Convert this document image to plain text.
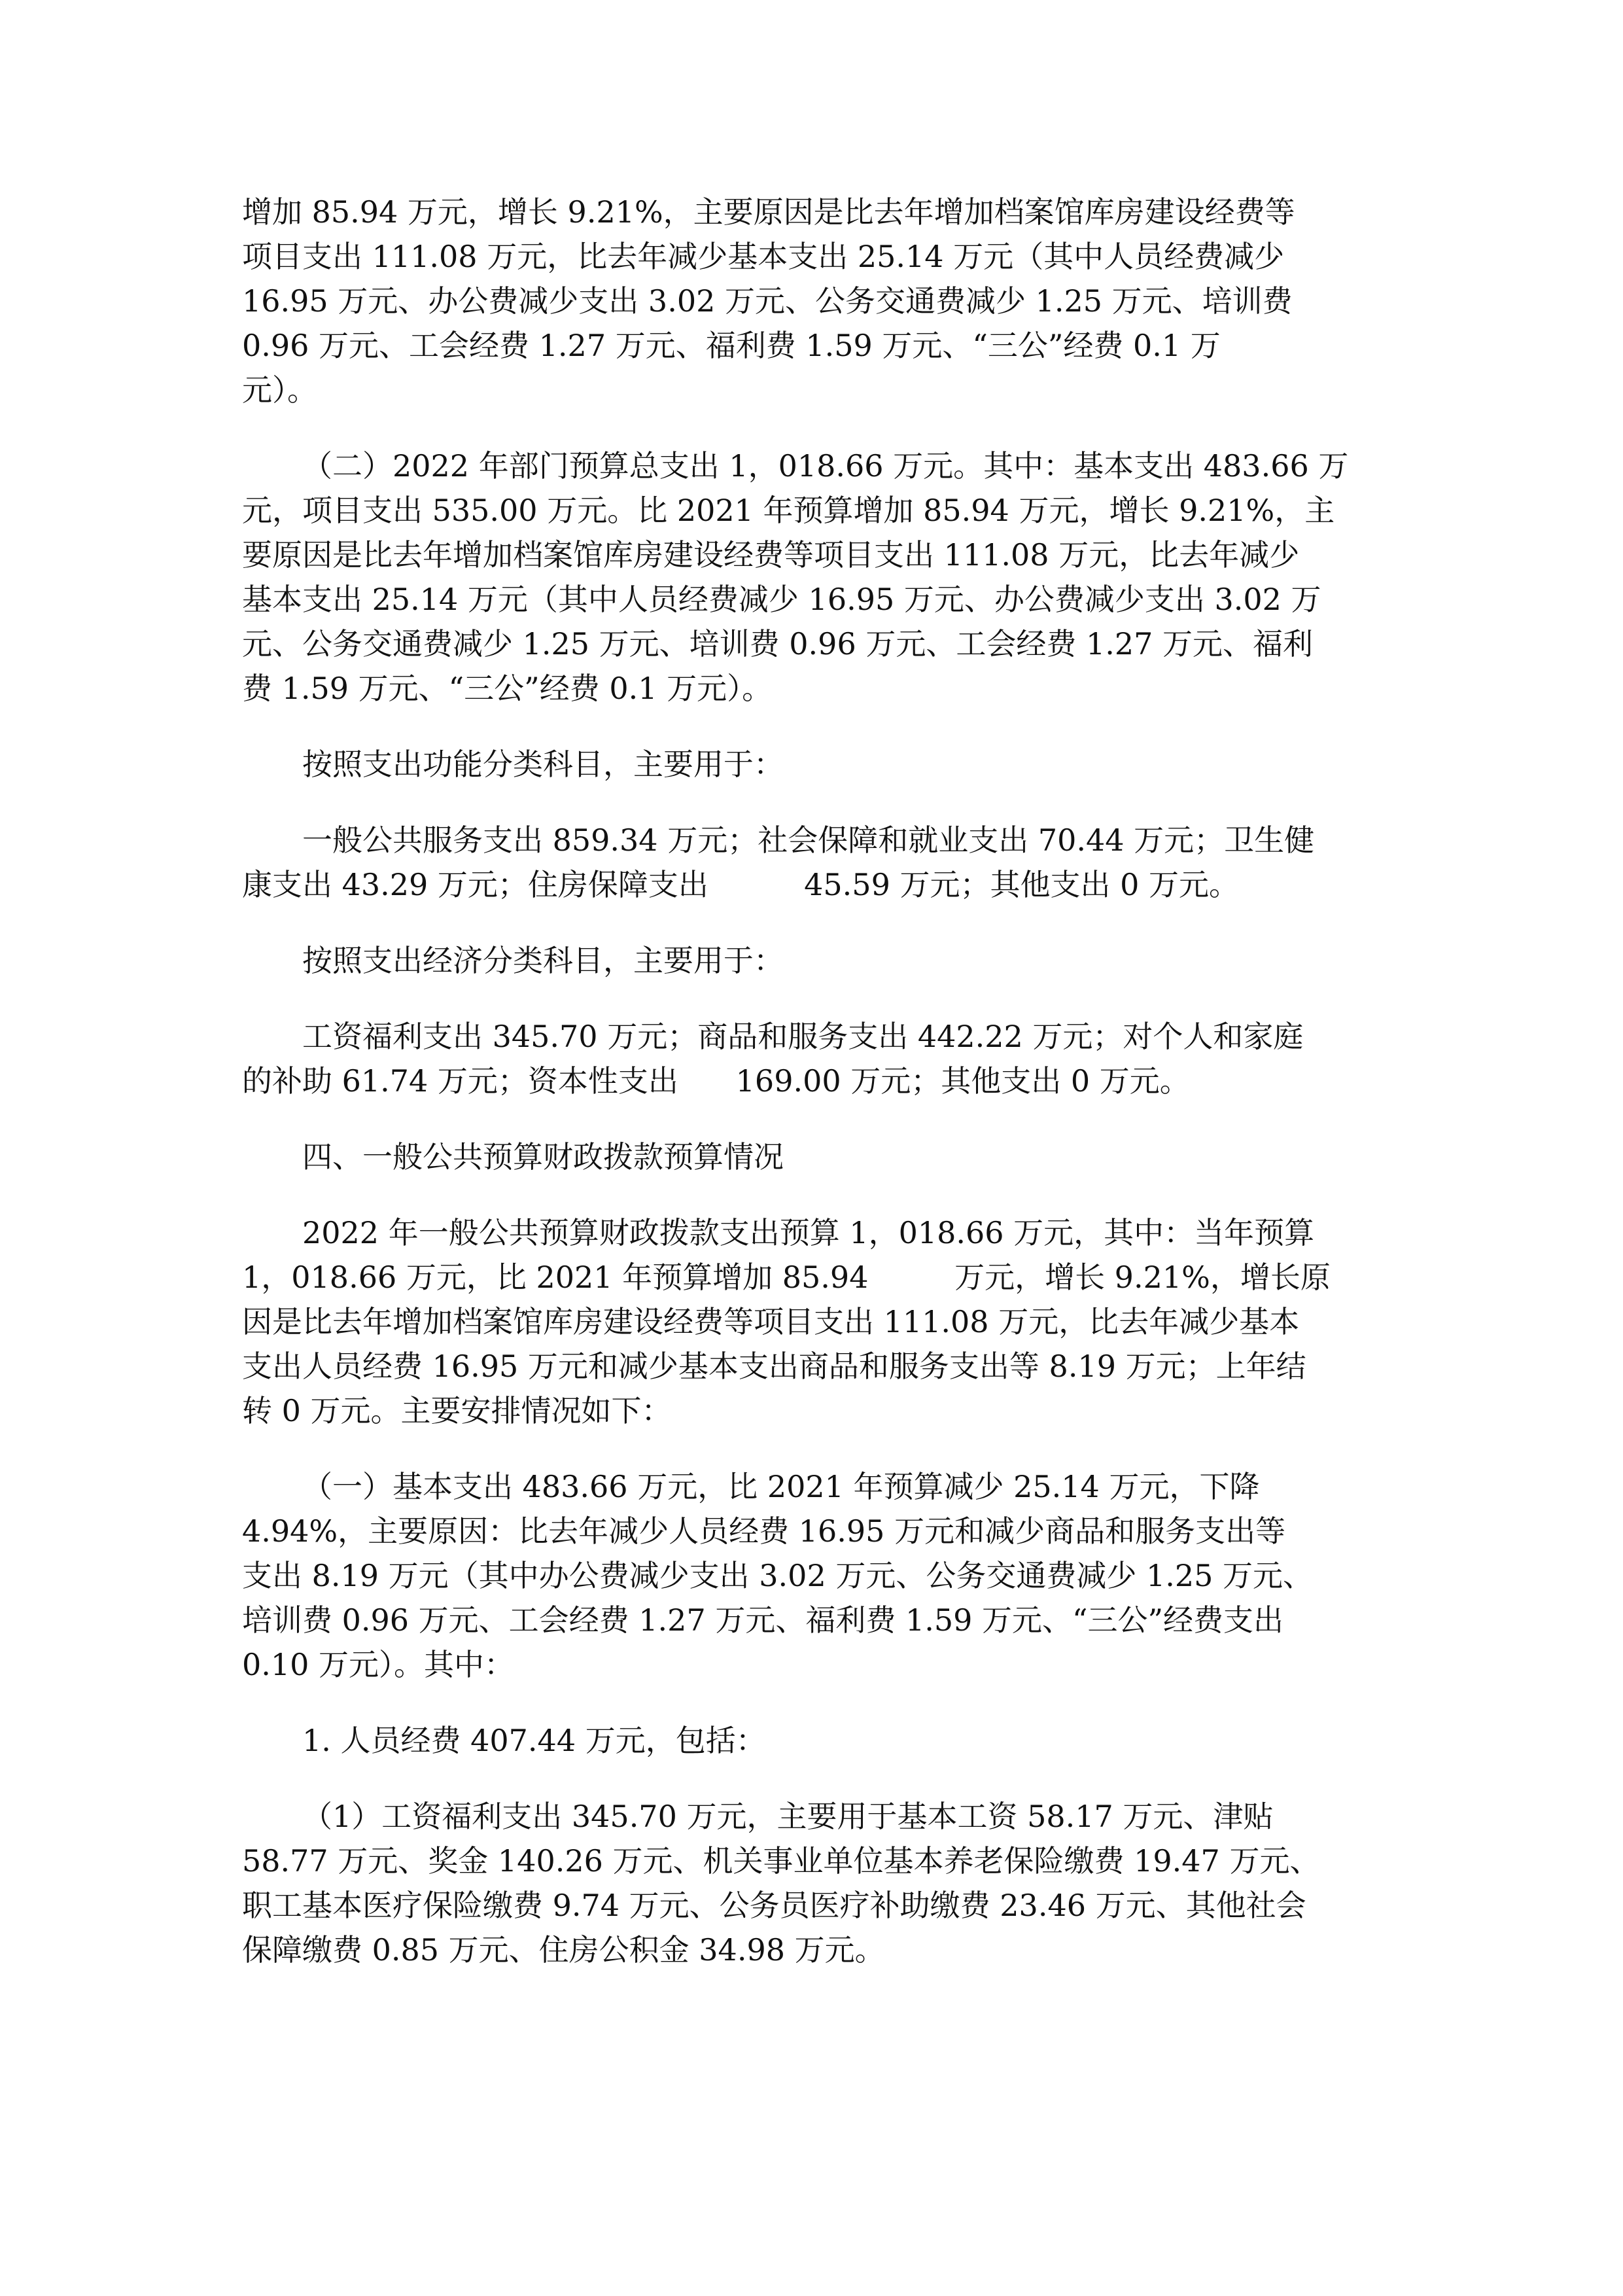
增加 85.94 万元，增长 9.21%，主要原因是比去年增加档案馆库房建设经费等
项目支出 111.08 万元，比去年减少基本支出 25.14 万元（其中人员经费减少
16.95 万元、办公费减少支出 3.02 万元、公务交通费减少 1.25 万元、培训费
0.96 万元、工会经费 1.27 万元、福利费 1.59 万元、“三公”经费 0.1 万
元）。

（二）2022 年部门预算总支出 1，018.66 万元。其中：基本支出 483.66 万
元，项目支出 535.00 万元。比 2021 年预算增加 85.94 万元，增长 9.21%，主
要原因是比去年增加档案馆库房建设经费等项目支出 111.08 万元，比去年减少
基本支出 25.14 万元（其中人员经费减少 16.95 万元、办公费减少支出 3.02 万
元、公务交通费减少 1.25 万元、培训费 0.96 万元、工会经费 1.27 万元、福利
费 1.59 万元、“三公”经费 0.1 万元）。

按照支出功能分类科目，主要用于：

一般公共服务支出 859.34 万元；社会保障和就业支出 70.44 万元；卫生健
康支出 43.29 万元；住房保障支出          45.59 万元；其他支出 0 万元。

按照支出经济分类科目，主要用于：

工资福利支出 345.70 万元；商品和服务支出 442.22 万元；对个人和家庭
的补助 61.74 万元；资本性支出      169.00 万元；其他支出 0 万元。

四、一般公共预算财政拨款预算情况

2022 年一般公共预算财政拨款支出预算 1，018.66 万元，其中：当年预算
1，018.66 万元，比 2021 年预算增加 85.94         万元，增长 9.21%，增长原
因是比去年增加档案馆库房建设经费等项目支出 111.08 万元，比去年减少基本
支出人员经费 16.95 万元和减少基本支出商品和服务支出等 8.19 万元；上年结
转 0 万元。主要安排情况如下：

（一）基本支出 483.66 万元，比 2021 年预算减少 25.14 万元，下降
4.94%，主要原因：比去年减少人员经费 16.95 万元和减少商品和服务支出等
支出 8.19 万元（其中办公费减少支出 3.02 万元、公务交通费减少 1.25 万元、
培训费 0.96 万元、工会经费 1.27 万元、福利费 1.59 万元、“三公”经费支出
0.10 万元）。其中：

1. 人员经费 407.44 万元，包括：

（1）工资福利支出 345.70 万元，主要用于基本工资 58.17 万元、津贴
58.77 万元、奖金 140.26 万元、机关事业单位基本养老保险缴费 19.47 万元、
职工基本医疗保险缴费 9.74 万元、公务员医疗补助缴费 23.46 万元、其他社会
保障缴费 0.85 万元、住房公积金 34.98 万元。
